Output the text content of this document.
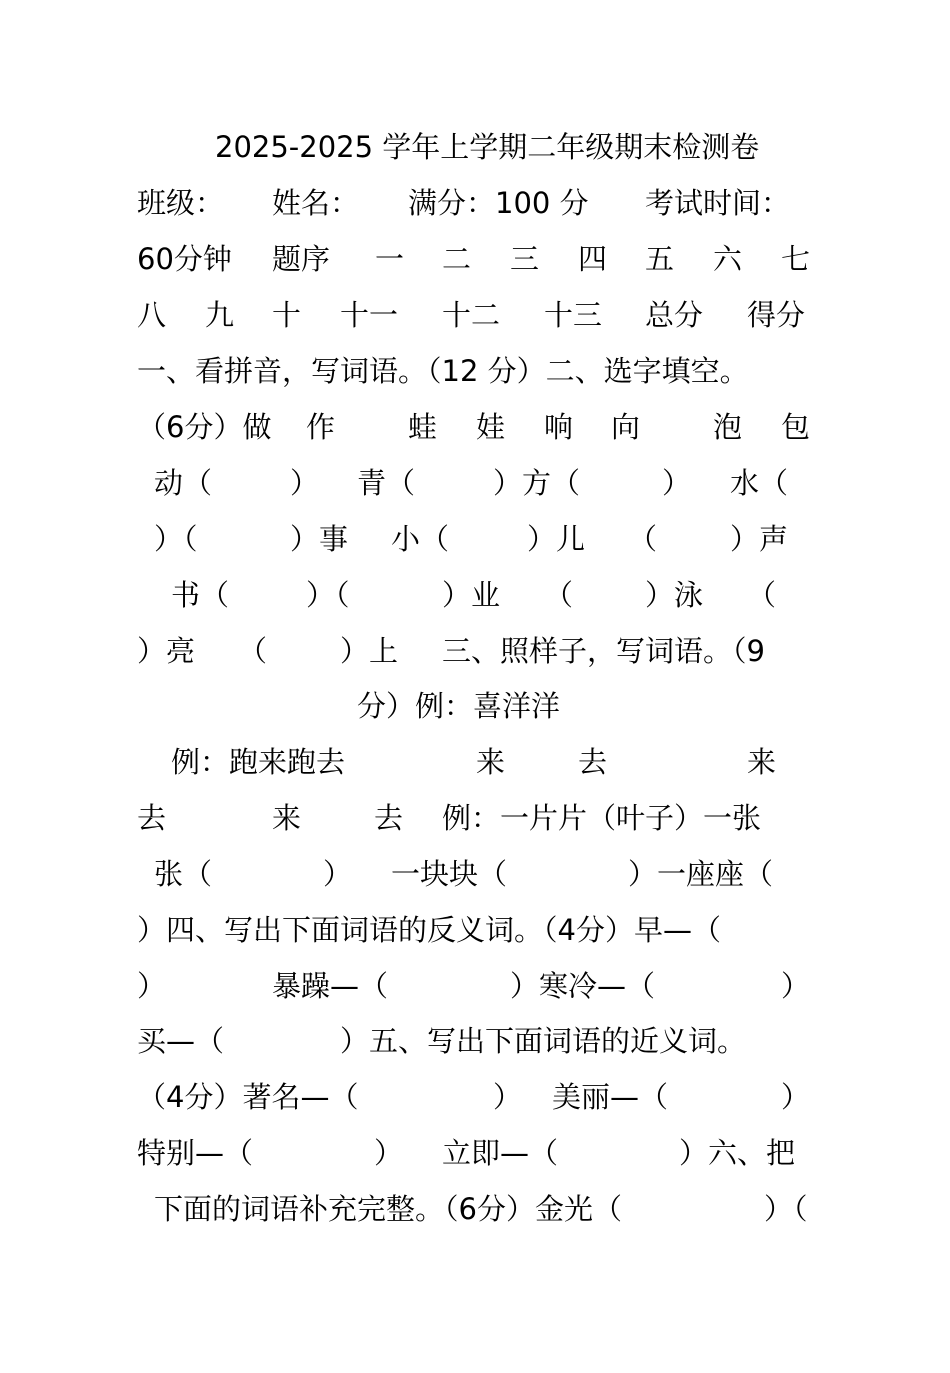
2025-2025 学年上学期二年级期末检测卷

班级：

姓名：

满分：100 分

考试时间：

60分钟

题序

一

二

三

四

五

六

七

八

九

十

十一

十二

十三

总分

得分

一、看拼音，写词语。（12 分）二、选字填空。

（6分）做

作

	蛙

娃

响

向

	泡

包

动（

	）

青（

	）方（

	）

水（

）（

	）事

小（

	）儿

（

	）声

书（

	）（

	）业

（

）泳

（

）亮

（

	）上

三、照样子，写词语。（9

分）例：喜洋洋

例：跑来跑去

	来

	去

	来

去

	来

	去

例：一片片（叶子）一张

张（

	）

一块块（

	）一座座（

）四、写出下面词语的反义词。（4分）早—（

）

	暴躁—（

	）寒冷—（

	）

买—（

	）五、写出下面词语的近义词。

（4分）著名—（

	）

美丽—（

	）

特别—（

	）

立即—（

	）六、把

下面的词语补充完整。（6分）金光（

	）（
